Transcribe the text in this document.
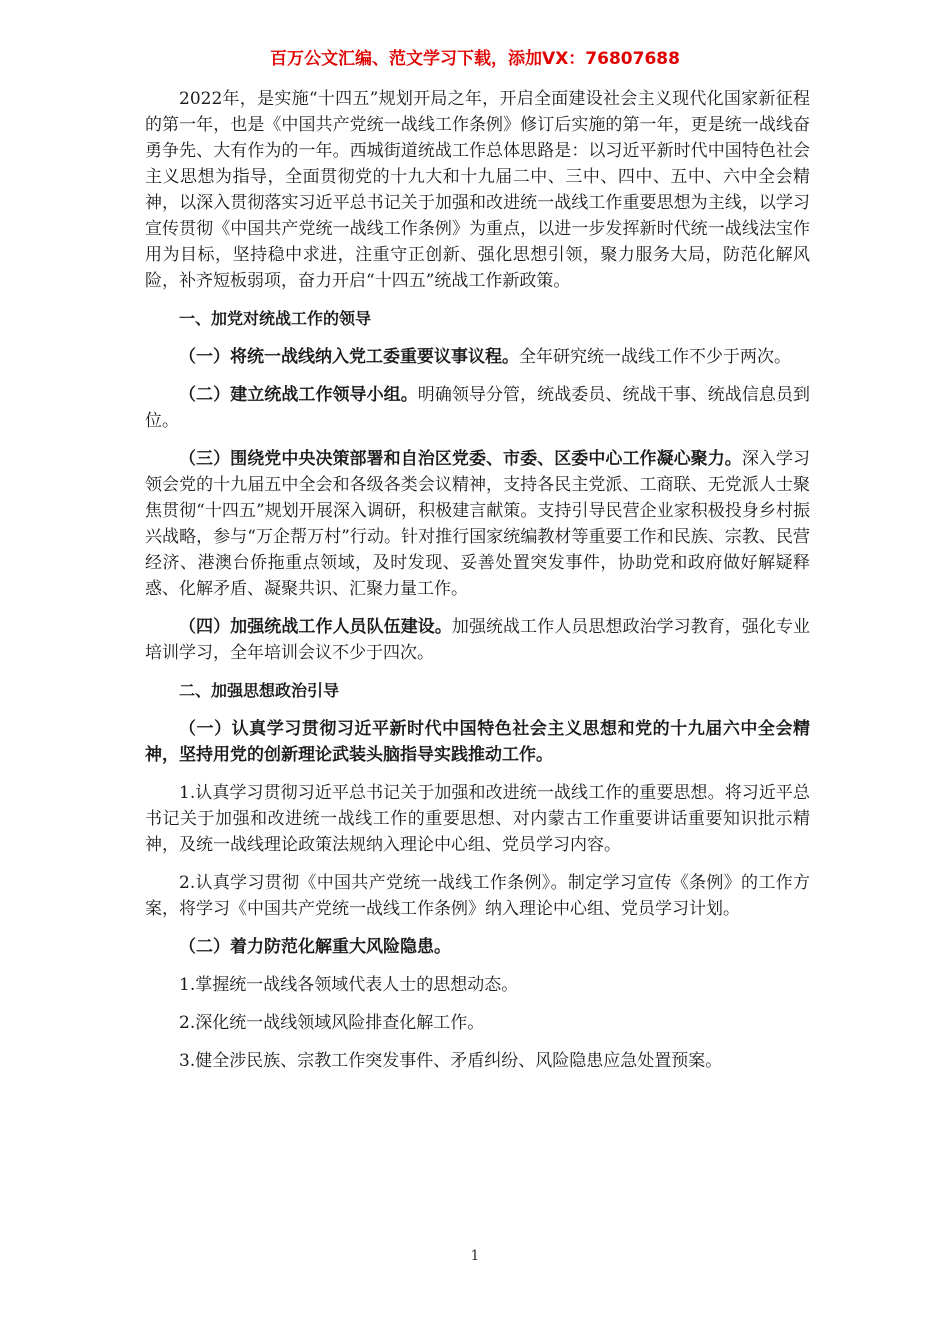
百万公文汇编、范文学习下载，添加VX：76807688

2022年，是实施“十四五”规划开局之年，开启全面建设社会主义现代化国家新征程的第一年，也是《中国共产党统一战线工作条例》修订后实施的第一年，更是统一战线奋勇争先、大有作为的一年。西城街道统战工作总体思路是：以习近平新时代中国特色社会主义思想为指导，全面贯彻党的十九大和十九届二中、三中、四中、五中、六中全会精神，以深入贯彻落实习近平总书记关于加强和改进统一战线工作重要思想为主线，以学习宣传贯彻《中国共产党统一战线工作条例》为重点，以进一步发挥新时代统一战线法宝作用为目标，坚持稳中求进，注重守正创新、强化思想引领，聚力服务大局，防范化解风险，补齐短板弱项，奋力开启“十四五”统战工作新政策。

一、加党对统战工作的领导

（一）将统一战线纳入党工委重要议事议程。全年研究统一战线工作不少于两次。

（二）建立统战工作领导小组。明确领导分管，统战委员、统战干事、统战信息员到位。

（三）围绕党中央决策部署和自治区党委、市委、区委中心工作凝心聚力。深入学习领会党的十九届五中全会和各级各类会议精神，支持各民主党派、工商联、无党派人士聚焦贯彻“十四五”规划开展深入调研，积极建言献策。支持引导民营企业家积极投身乡村振兴战略，参与“万企帮万村”行动。针对推行国家统编教材等重要工作和民族、宗教、民营经济、港澳台侨拖重点领域，及时发现、妥善处置突发事件，协助党和政府做好解疑释惑、化解矛盾、凝聚共识、汇聚力量工作。

（四）加强统战工作人员队伍建设。加强统战工作人员思想政治学习教育，强化专业培训学习，全年培训会议不少于四次。

二、加强思想政治引导

（一）认真学习贯彻习近平新时代中国特色社会主义思想和党的十九届六中全会精神，坚持用党的创新理论武装头脑指导实践推动工作。

1.认真学习贯彻习近平总书记关于加强和改进统一战线工作的重要思想。将习近平总书记关于加强和改进统一战线工作的重要思想、对内蒙古工作重要讲话重要知识批示精神，及统一战线理论政策法规纳入理论中心组、党员学习内容。

2.认真学习贯彻《中国共产党统一战线工作条例》。制定学习宣传《条例》的工作方案，将学习《中国共产党统一战线工作条例》纳入理论中心组、党员学习计划。

（二）着力防范化解重大风险隐患。

1.掌握统一战线各领域代表人士的思想动态。

2.深化统一战线领域风险排查化解工作。

3.健全涉民族、宗教工作突发事件、矛盾纠纷、风险隐患应急处置预案。

1
